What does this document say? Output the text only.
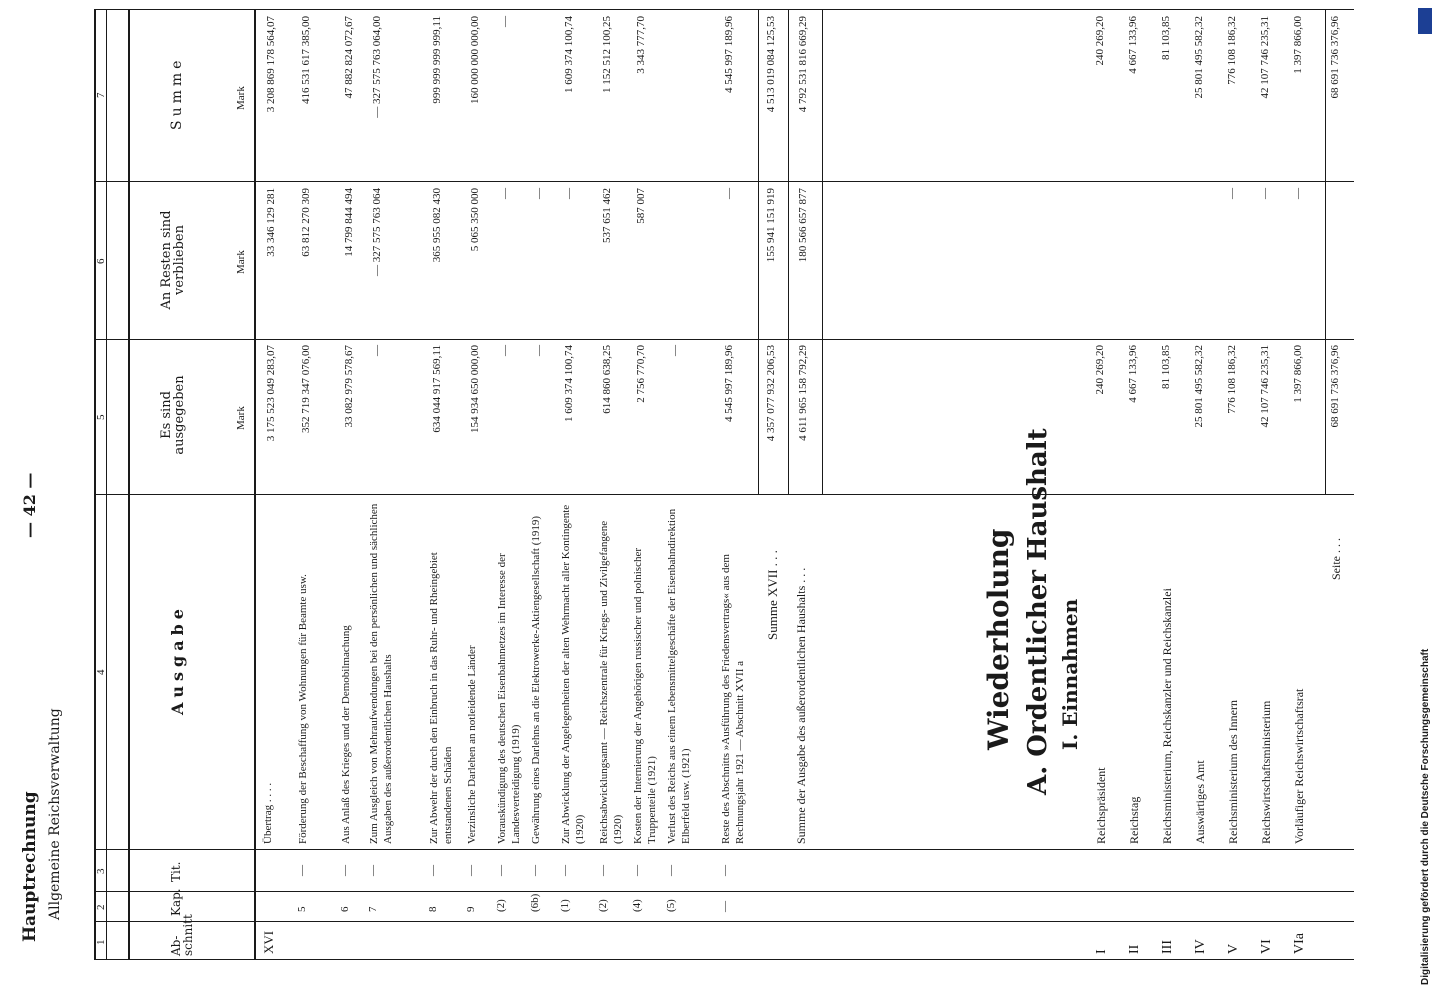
Hauptrechnung Allgemeine Reichsverwaltung
— 42 —
1
2
3
4
5
6
7
Ab-schnitt
Kap.
Tit.
Ausgabe
Es sind ausgegeben
An Resten sind verblieben
Summe
Mark
Mark
Mark
XVI
Übertrag . . . .
3 175 523 049 283,07
33 346 129 281
3 208 869 178 564,07
5
—
Förderung der Beschaffung von Wohnungen für Beamte usw.
352 719 347 076,00
63 812 270 309
416 531 617 385,00
6
—
Aus Anlaß des Krieges und der Demobilmachung
33 082 979 578,67
14 799 844 494
47 882 824 072,67
7
—
Zum Ausgleich von Mehraufwendungen bei den persönlichen und sächlichen Ausgaben des außerordentlichen Haushalts
—
— 327 575 763 064
— 327 575 763 064,00
8
—
Zur Abwehr der durch den Einbruch in das Ruhr- und Rheingebiet entstandenen Schäden
634 044 917 569,11
365 955 082 430
999 999 999 999,11
9
—
Verzinsliche Darlehen an notleidende Länder
154 934 650 000,00
5 065 350 000
160 000 000 000,00
(2)
—
Vorauskündigung des deutschen Eisenbahnnetzes im Interesse der Landesverteidigung (1919)
—
—
—
(6b)
—
Gewährung eines Darlehns an die Elektrowerke-Aktiengesellschaft (1919)
—
—
(1)
—
Zur Abwicklung der Angelegenheiten der alten Wehrmacht aller Kontingente (1920)
1 609 374 100,74
—
1 609 374 100,74
(2)
—
Reichsabwicklungsamt — Reichszentrale für Kriegs- und Zivilgefangene (1920)
614 860 638,25
537 651 462
1 152 512 100,25
(4)
—
Kosten der Internierung der Angehörigen russischer und polnischer Truppenteile (1921)
2 756 770,70
587 007
3 343 777,70
(5)
—
Verlust des Reichs aus einem Lebensmittelgeschäfte der Eisenbahndirektion Elberfeld usw. (1921)
—
—
—
Reste des Abschnitts »Ausführung des Friedensvertrags« aus dem Rechnungsjahr 1921 — Abschnitt XVII a
4 545 997 189,96
—
4 545 997 189,96
Summe XVII . . .
4 357 077 932 206,53
155 941 151 919
4 513 019 084 125,53
Summe der Ausgabe des außerordentlichen Haushalts . . .
4 611 965 158 792,29
180 566 657 877
4 792 531 816 669,29
Wiederholung A. Ordentlicher Haushalt I. Einnahmen
I
Reichspräsident
240 269,20
240 269,20
II
Reichstag
4 667 133,96
4 667 133,96
III
Reichsministerium, Reichskanzler und Reichskanzlei
81 103,85
81 103,85
IV
Auswärtiges Amt
25 801 495 582,32
25 801 495 582,32
V
Reichsministerium des Innern
776 108 186,32
—
776 108 186,32
VI
Reichswirtschaftsministerium
42 107 746 235,31
—
42 107 746 235,31
VIa
Vorläufiger Reichswirtschaftsrat
1 397 866,00
—
1 397 866,00
Seite . . .
68 691 736 376,96
68 691 736 376,96
Digitalisierung gefördert durch die Deutsche Forschungsgemeinschaft
